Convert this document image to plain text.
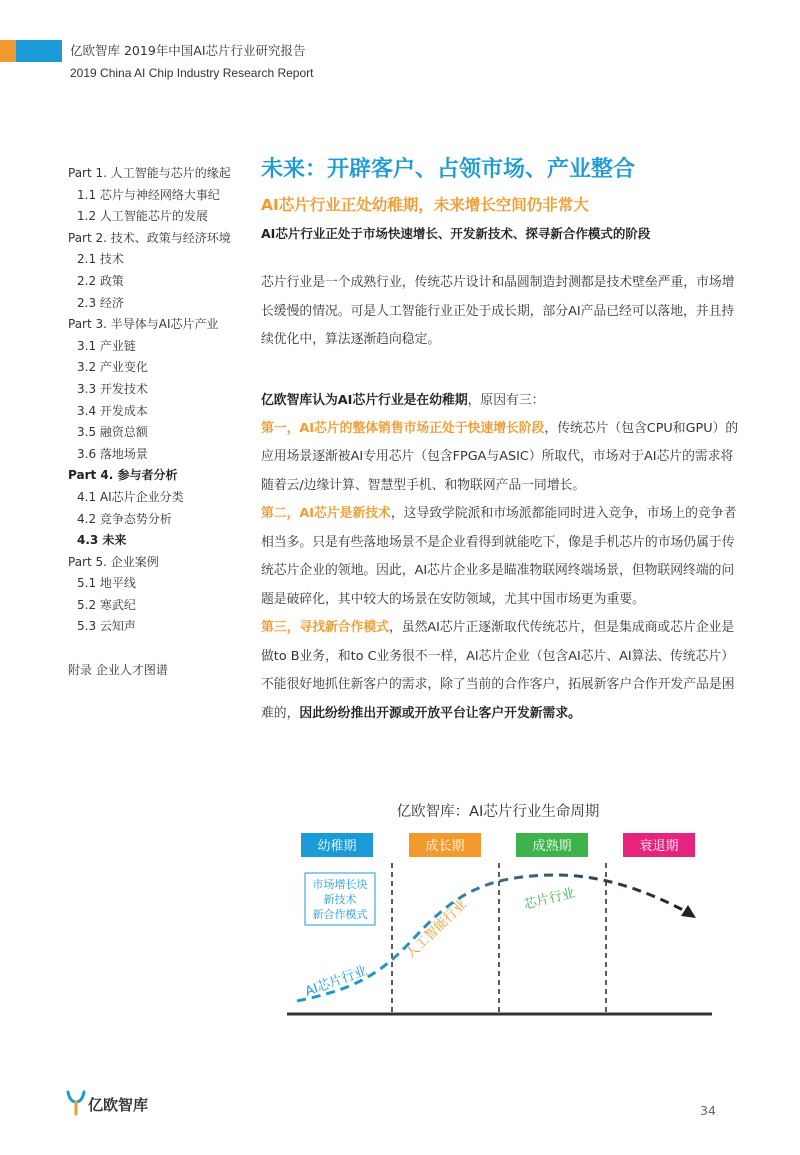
亿欧智库 2019年中国AI芯片行业研究报告
2019 China AI Chip Industry Research Report
Part 1. 人工智能与芯片的缘起
1.1 芯片与神经网络大事纪
1.2 人工智能芯片的发展
Part 2. 技术、政策与经济环境
2.1 技术
2.2 政策
2.3 经济
Part 3. 半导体与AI芯片产业
3.1 产业链
3.2 产业变化
3.3 开发技术
3.4 开发成本
3.5 融资总额
3.6 落地场景
Part 4. 参与者分析
4.1 AI芯片企业分类
4.2 竞争态势分析
4.3 未来
Part 5. 企业案例
5.1 地平线
5.2 寒武纪
5.3 云知声
附录 企业人才图谱
未来：开辟客户、占领市场、产业整合
AI芯片行业正处幼稚期，未来增长空间仍非常大
AI芯片行业正处于市场快速增长、开发新技术、探寻新合作模式的阶段

芯片行业是一个成熟行业，传统芯片设计和晶圆制造封测都是技术壁垒严重，市场增长缓慢的情况。可是人工智能行业正处于成长期，部分AI产品已经可以落地，并且持续优化中，算法逐渐趋向稳定。

亿欧智库认为AI芯片行业是在幼稚期，原因有三：

第一，AI芯片的整体销售市场正处于快速增长阶段，传统芯片（包含CPU和GPU）的应用场景逐渐被AI专用芯片（包含FPGA与ASIC）所取代，市场对于AI芯片的需求将随着云/边缘计算、智慧型手机、和物联网产品一同增长。

第二，AI芯片是新技术，这导致学院派和市场派都能同时进入竞争，市场上的竞争者相当多。只是有些落地场景不是企业看得到就能吃下，像是手机芯片的市场仍属于传统芯片企业的领地。因此，AI芯片企业多是瞄准物联网终端场景，但物联网终端的问题是破碎化，其中较大的场景在安防领域，尤其中国市场更为重要。

第三，寻找新合作模式，虽然AI芯片正逐渐取代传统芯片，但是集成商或芯片企业是做to B业务，和to C业务很不一样，AI芯片企业（包含AI芯片、AI算法、传统芯片）不能很好地抓住新客户的需求，除了当前的合作客户，拓展新客户合作开发产品是困难的，因此纷纷推出开源或开放平台让客户开发新需求。

亿欧智库：AI芯片行业生命周期
幼稚期	成长期	成熟期	衰退期
市场增长块
新技术
新合作模式
AI芯片行业
人工智能行业	芯片行业
亿欧智库	34
